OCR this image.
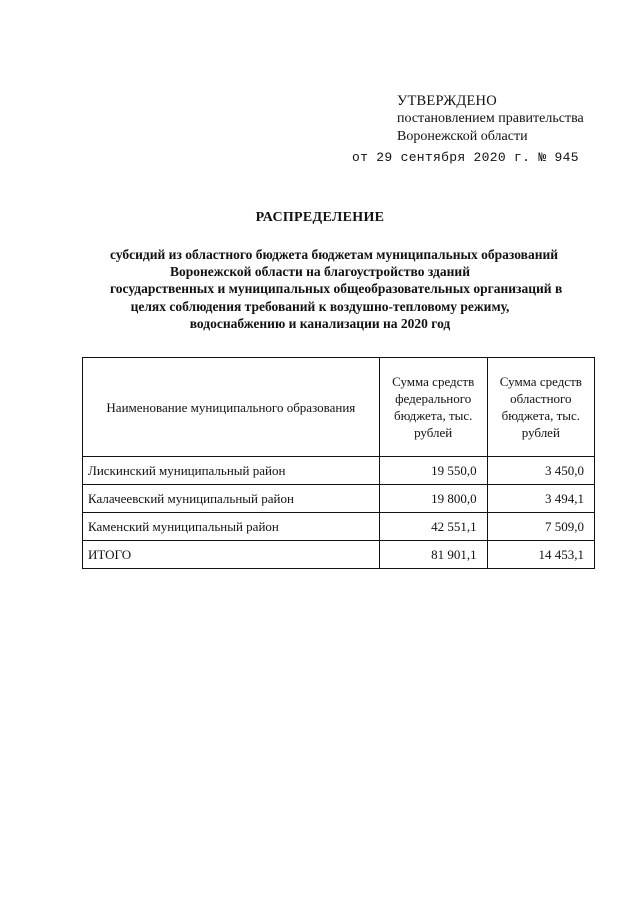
УТВЕРЖДЕНО
постановлением правительства
Воронежской области
от 29 сентября 2020 г. № 945
РАСПРЕДЕЛЕНИЕ
субсидий из областного бюджета бюджетам муниципальных образований
Воронежской области на благоустройство зданий
государственных и муниципальных общеобразовательных организаций в
целях соблюдения требований к воздушно-тепловому режиму,
водоснабжению и канализации на 2020 год
Наименование муниципального образования	Сумма средств федерального бюджета, тыс. рублей	Сумма средств областного бюджета, тыс. рублей
Лискинский муниципальный район	19 550,0	3 450,0
Калачеевский муниципальный район	19 800,0	3 494,1
Каменский муниципальный район	42 551,1	7 509,0
ИТОГО	81 901,1	14 453,1
